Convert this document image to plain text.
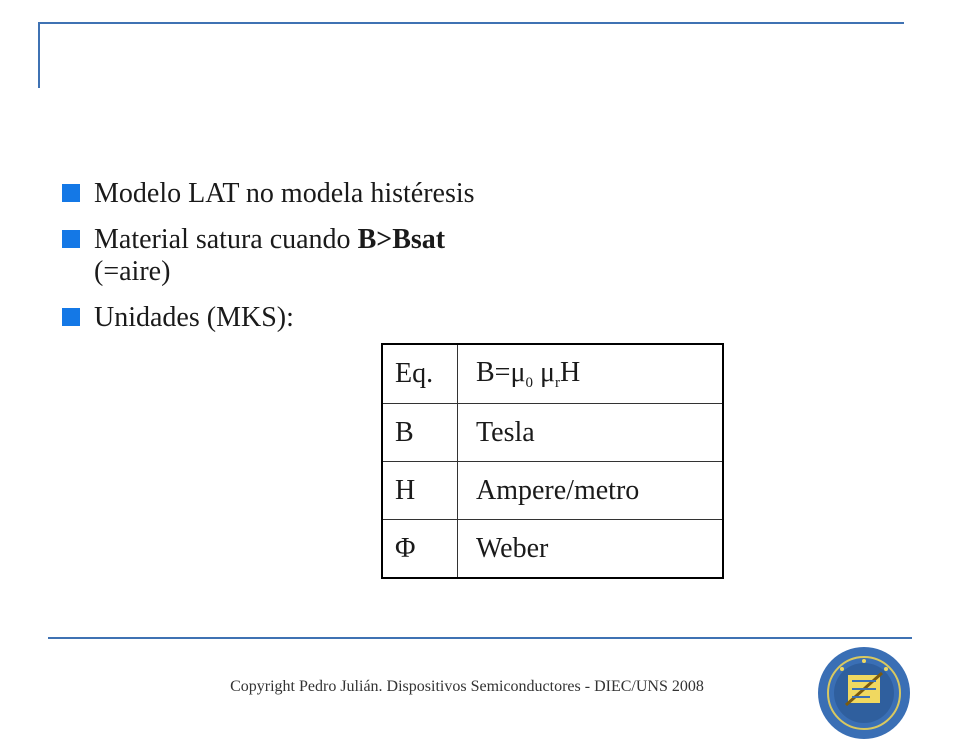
Modelo LAT no modela histéresis
Material satura cuando B>Bsat
(=aire)
Unidades (MKS):
Eq.	$B=\mu_0$ $\mu_rH$
B	Tesla
H	Ampere/metro
Φ	Weber
Copyright Pedro Julián. Dispositivos Semiconductores - DIEC/UNS 2008
